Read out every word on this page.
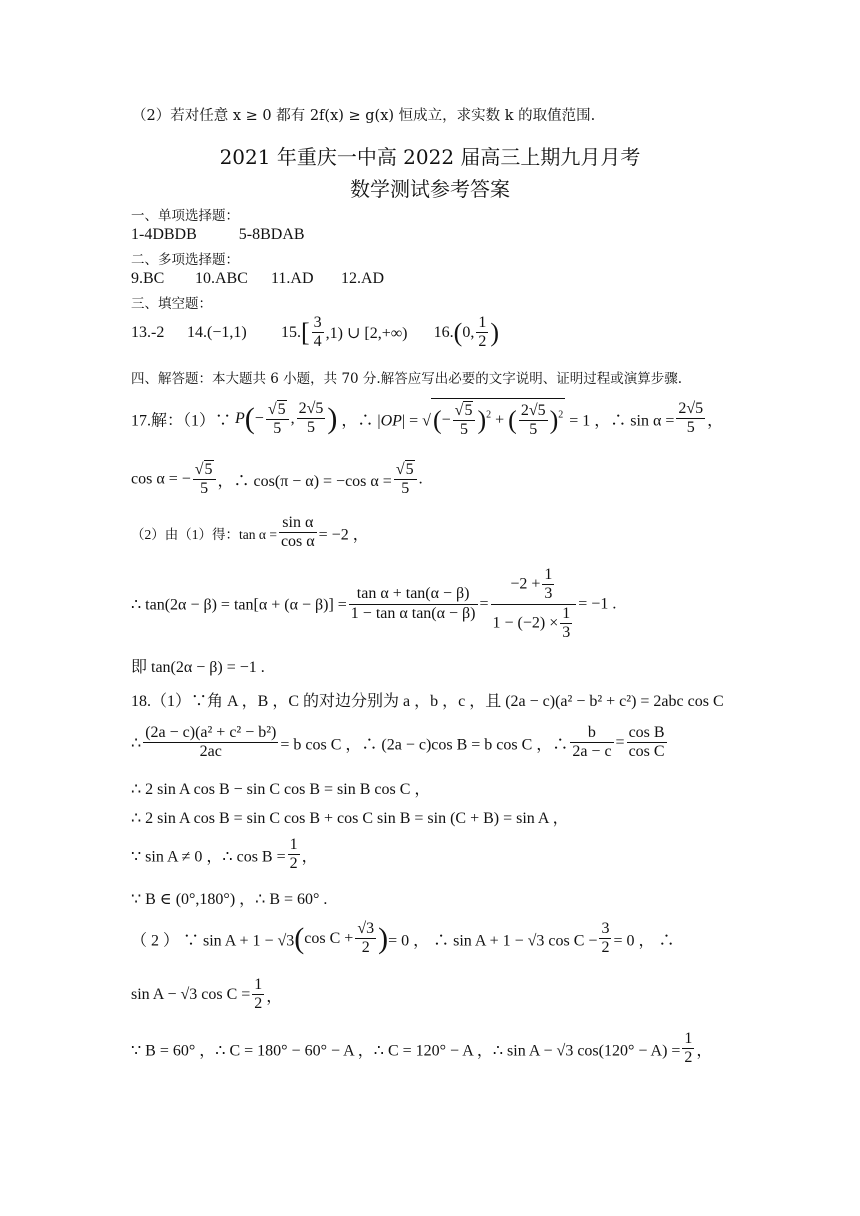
（2）若对任意 x ≥ 0 都有 2f(x) ≥ g(x) 恒成立，求实数 k 的取值范围.
2021 年重庆一中高 2022 届高三上期九月月考
数学测试参考答案
一、单项选择题：
1-4DBDB	5-8BDAB
二、多项选择题：
9.BC 10.ABC 11.AD 12.AD
三、填空题：
13.-2 14.(−1,1) $15.[ \frac{3}{4} ,1)$ ∪ [2,+∞) 16.(0, $\frac{1}{2}$ )
四、解答题：本大题共 6 小题，共 70 分.解答应写出必要的文字说明、证明过程或演算步骤.
17.解：（1）∵ $P(- \frac{√5}{5}$ , $\frac{2√5}{5}$ ) ，∴ |OP| = √(− $\frac{√5}{5} )^2$ + ( $\frac{2√5}{5} )^2 = 1$ ，∴ $\sin \alpha = \frac{2√5}{5}$ ，
cos α = − $\frac{√5}{5}$ ，∴ cos(π − α) = −cos $\alpha = \frac{√5}{5}$ .
（2）由（1）得：$\tan \alpha = \frac{\text{sin α}}{\text{cos α}} = -2$ ，
∴ $\tan(2\alpha - \beta) = \tan[\alpha + (\alpha - \beta)] = \frac{\text{tan α + tan(α − β)}}{\text{1 − tan α tan(α − β)}} = \frac{-2 + \frac{1}{3}}{1 - (-2) \times \frac{1}{3}} = -1$ .
即 tan(2α − β) = −1 .
18.（1）∵角 A ，B ，C 的对边分别为 a ，b ，c ，且 (2a − c)(a² − b² + c²) = 2abc cos C
∴ $\frac{\text{(2a − c)(a² + c² − b²)}}{2ac} = b$ cos C ，∴ (2a − c)cos B = b cos C ，∴ $\frac{b}{2a - c} = \frac{\text{cos B}}{\text{cos C}}$
∴ 2 sin A cos B − sin C cos B = sin B cos C ，
∴ 2 sin A cos B = sin C cos B + cos C sin B = sin (C + B) = sin A ，
∵ sin A ≠ 0 ，∴ $\cos B = \frac{1}{2}$ ，
∵ B ∈ (0°,180°) ，∴ B = 60° .
（ 2 ） ∵ sin A + 1 − √3(cos $C + \frac{√3}{2}$ )= 0 ， ∴ sin A + 1 − √3 $\cos C - \frac{3}{2} = 0$ ， ∴
sin A − √3 $\cos C = \frac{1}{2}$ ，
∵ B = 60° ，∴ C = 180° − 60° − A ，∴ C = 120° − A ，∴ sin A − √3 $\cos(120^\circ - A) = \frac{1}{2}$ ，
